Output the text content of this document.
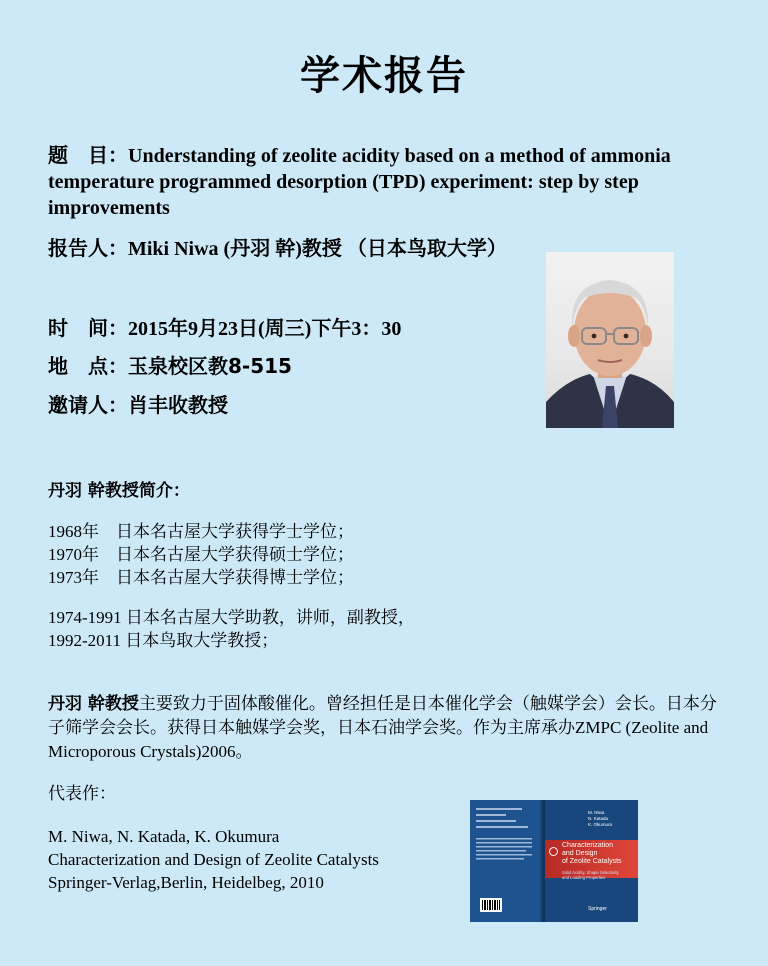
学术报告
题　目：Understanding of zeolite acidity based on a method of ammonia temperature programmed desorption (TPD) experiment: step by step improvements
报告人：Miki Niwa (丹羽 幹)教授 （日本鸟取大学）
时　间：2015年9月23日(周三)下午3：30
地　点：玉泉校区教8-515
邀请人：肖丰收教授
丹羽 幹教授简介：
1968年　日本名古屋大学获得学士学位；
1970年　日本名古屋大学获得硕士学位；
1973年　日本名古屋大学获得博士学位；
1974-1991 日本名古屋大学助教，讲师，副教授，
1992-2011 日本鸟取大学教授；
丹羽 幹教授主要致力于固体酸催化。曾经担任是日本催化学会（触媒学会）会长。日本分子筛学会会长。获得日本触媒学会奖，日本石油学会奖。作为主席承办ZMPC (Zeolite and Microporous Crystals)2006。
代表作：
M. Niwa, N. Katada, K. Okumura
Characterization and Design of Zeolite Catalysts
Springer-Verlag,Berlin, Heidelbeg, 2010
M. Niwa
N. Katada
K. Okumura
Characterization
and Design
of Zeolite Catalysts
Solid Acidity, Shape Selectivity
and Loading Properties
Springer
